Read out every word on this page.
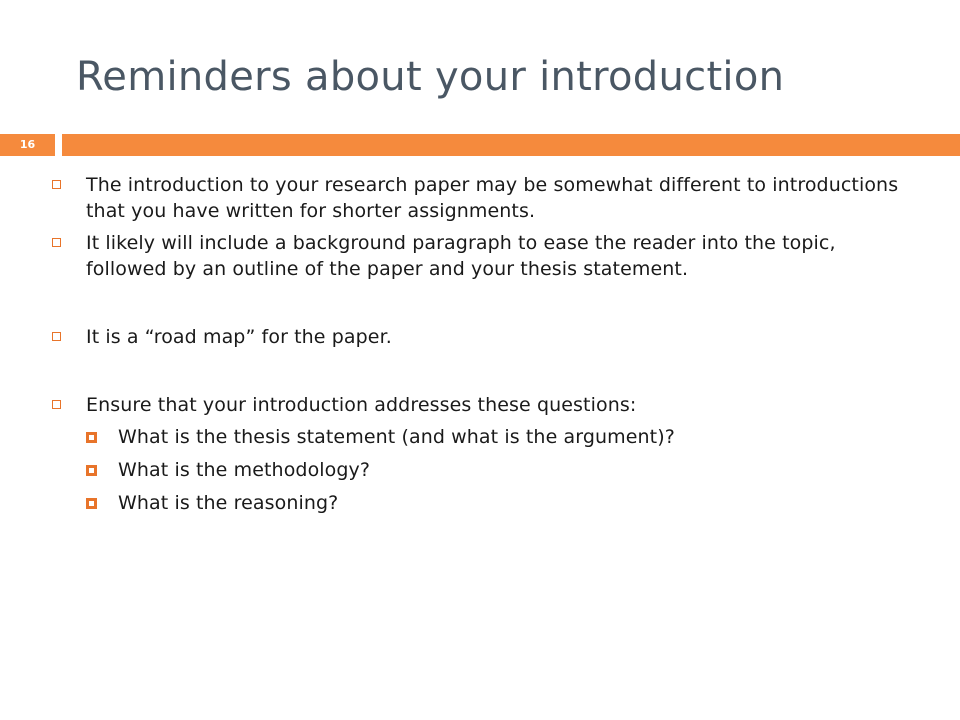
Reminders about your introduction
16
The introduction to your research paper may be somewhat different to introductions that you have written for shorter assignments.
It likely will include a background paragraph to ease the reader into the topic, followed by an outline of the paper and your thesis statement.
It is a “road map” for the paper.
Ensure that your introduction addresses these questions:
What is the thesis statement (and what is the argument)?
What is the methodology?
What is the reasoning?
